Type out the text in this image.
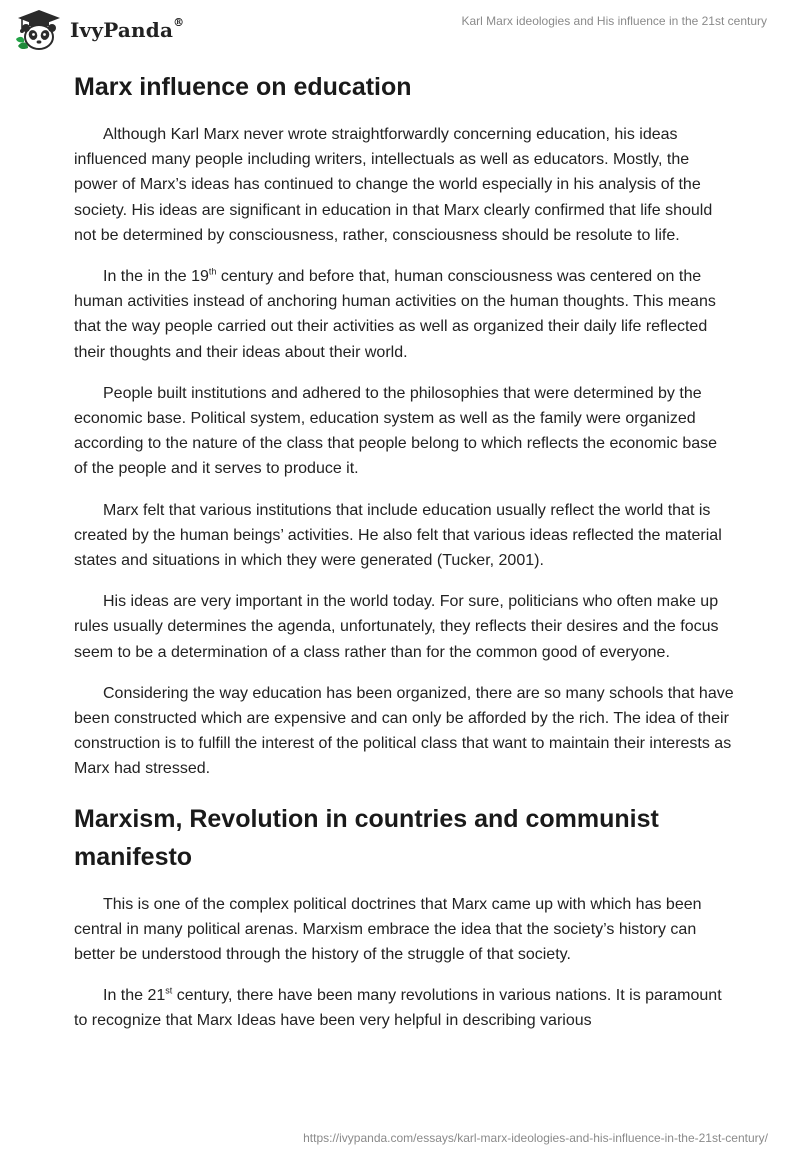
IvyPanda®	Karl Marx ideologies and His influence in the 21st century
Marx influence on education

Although Karl Marx never wrote straightforwardly concerning education, his ideas influenced many people including writers, intellectuals as well as educators. Mostly, the power of Marx’s ideas has continued to change the world especially in his analysis of the society. His ideas are significant in education in that Marx clearly confirmed that life should not be determined by consciousness, rather, consciousness should be resolute to life.

In the in the 19th century and before that, human consciousness was centered on the human activities instead of anchoring human activities on the human thoughts. This means that the way people carried out their activities as well as organized their daily life reflected their thoughts and their ideas about their world.

People built institutions and adhered to the philosophies that were determined by the economic base. Political system, education system as well as the family were organized according to the nature of the class that people belong to which reflects the economic base of the people and it serves to produce it.

Marx felt that various institutions that include education usually reflect the world that is created by the human beings’ activities. He also felt that various ideas reflected the material states and situations in which they were generated (Tucker, 2001).

His ideas are very important in the world today. For sure, politicians who often make up rules usually determines the agenda, unfortunately, they reflects their desires and the focus seem to be a determination of a class rather than for the common good of everyone.

Considering the way education has been organized, there are so many schools that have been constructed which are expensive and can only be afforded by the rich. The idea of their construction is to fulfill the interest of the political class that want to maintain their interests as Marx had stressed.

Marxism, Revolution in countries and communist manifesto

This is one of the complex political doctrines that Marx came up with which has been central in many political arenas. Marxism embrace the idea that the society’s history can better be understood through the history of the struggle of that society.

In the 21st century, there have been many revolutions in various nations. It is paramount to recognize that Marx Ideas have been very helpful in describing various

https://ivypanda.com/essays/karl-marx-ideologies-and-his-influence-in-the-21st-century/
